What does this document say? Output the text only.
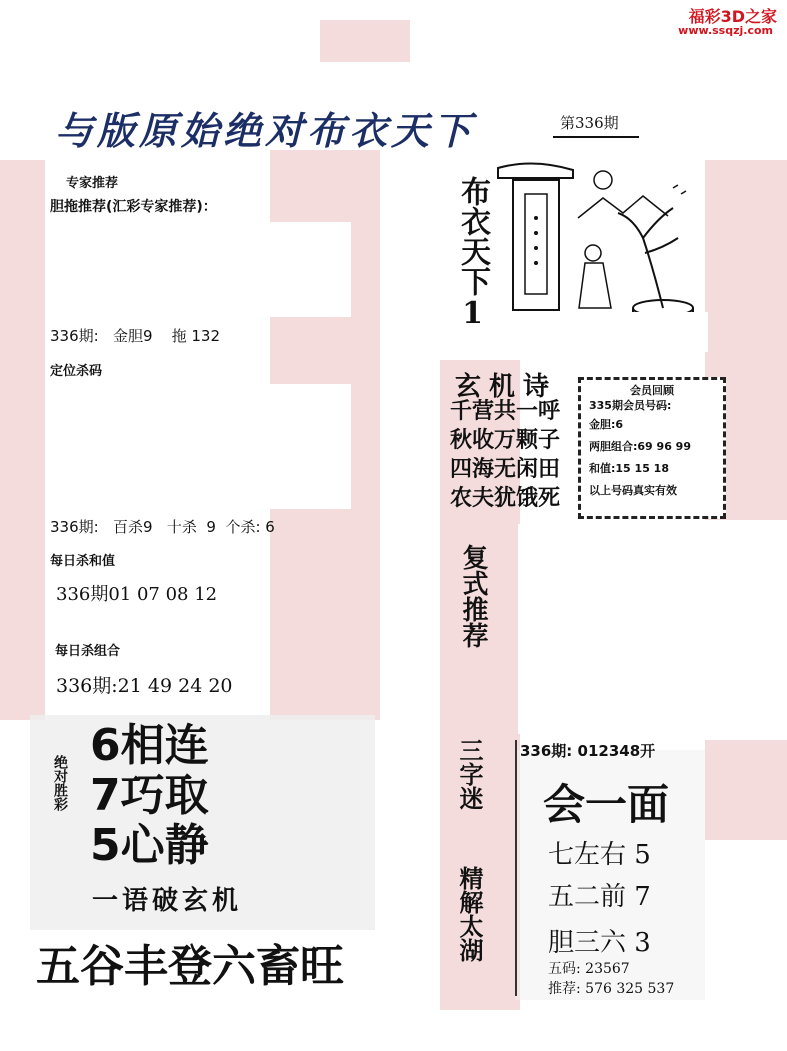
福彩3D之家
www.ssqzj.com
与版原始绝对布衣天下	第336期
专家推荐
胆拖推荐(汇彩专家推荐)：
336期:   金胆9    拖 132
定位杀码
336期:   百杀9   十杀  9  个杀: 6
每日杀和值
336期01 07 08 12
每日杀组合
336期:21 49 24 20
绝对胜彩
6相连
7巧取
5心静
一语破玄机
五谷丰登六畜旺
布衣天下1
玄机诗
千营共一呼
秋收万颗子
四海无闲田
农夫犹饿死
会员回顾
335期会员号码:
金胆:6
两胆组合:69 96 99
和值:15 15 18
以上号码真实有效
复式推荐
三字迷
精解太湖
336期: 012348开
会一面
七左右 5
五二前 7
胆三六 3
五码: 23567
推荐: 576 325 537
